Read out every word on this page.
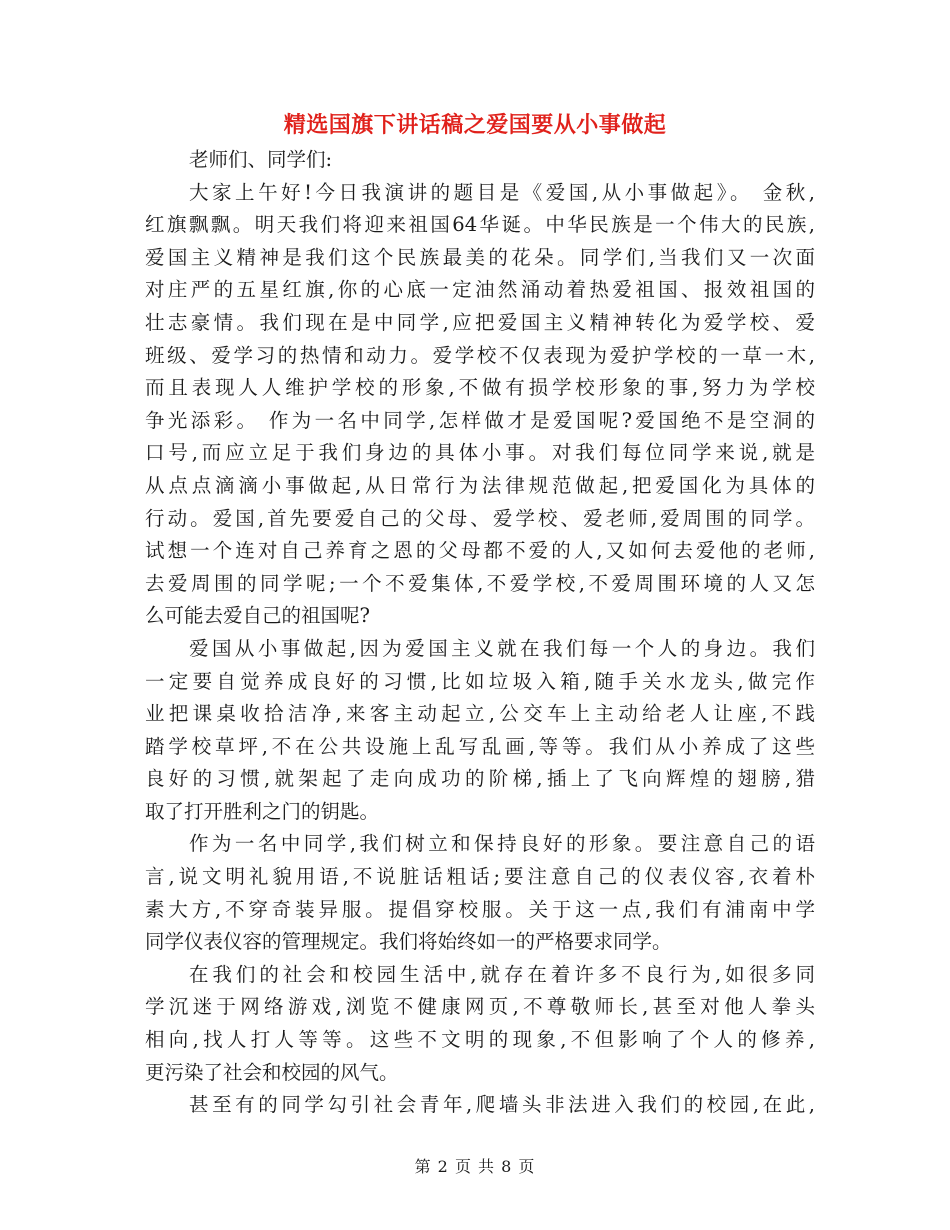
精选国旗下讲话稿之爱国要从小事做起
老师们、同学们:
大家上午好!今日我演讲的题目是《爱国,从小事做起》。 金秋,
红旗飘飘。明天我们将迎来祖国64华诞。中华民族是一个伟大的民族,
爱国主义精神是我们这个民族最美的花朵。同学们,当我们又一次面
对庄严的五星红旗,你的心底一定油然涌动着热爱祖国、报效祖国的
壮志豪情。我们现在是中同学,应把爱国主义精神转化为爱学校、爱
班级、爱学习的热情和动力。爱学校不仅表现为爱护学校的一草一木,
而且表现人人维护学校的形象,不做有损学校形象的事,努力为学校
争光添彩。 作为一名中同学,怎样做才是爱国呢?爱国绝不是空洞的
口号,而应立足于我们身边的具体小事。对我们每位同学来说,就是
从点点滴滴小事做起,从日常行为法律规范做起,把爱国化为具体的
行动。爱国,首先要爱自己的父母、爱学校、爱老师,爱周围的同学。
试想一个连对自己养育之恩的父母都不爱的人,又如何去爱他的老师,
去爱周围的同学呢;一个不爱集体,不爱学校,不爱周围环境的人又怎
么可能去爱自己的祖国呢?
爱国从小事做起,因为爱国主义就在我们每一个人的身边。我们
一定要自觉养成良好的习惯,比如垃圾入箱,随手关水龙头,做完作
业把课桌收拾洁净,来客主动起立,公交车上主动给老人让座,不践
踏学校草坪,不在公共设施上乱写乱画,等等。我们从小养成了这些
良好的习惯,就架起了走向成功的阶梯,插上了飞向辉煌的翅膀,猎
取了打开胜利之门的钥匙。
作为一名中同学,我们树立和保持良好的形象。要注意自己的语
言,说文明礼貌用语,不说脏话粗话;要注意自己的仪表仪容,衣着朴
素大方,不穿奇装异服。提倡穿校服。关于这一点,我们有浦南中学
同学仪表仪容的管理规定。我们将始终如一的严格要求同学。
在我们的社会和校园生活中,就存在着许多不良行为,如很多同
学沉迷于网络游戏,浏览不健康网页,不尊敬师长,甚至对他人拳头
相向,找人打人等等。这些不文明的现象,不但影响了个人的修养,
更污染了社会和校园的风气。
甚至有的同学勾引社会青年,爬墙头非法进入我们的校园,在此,
第 2 页 共 8 页
